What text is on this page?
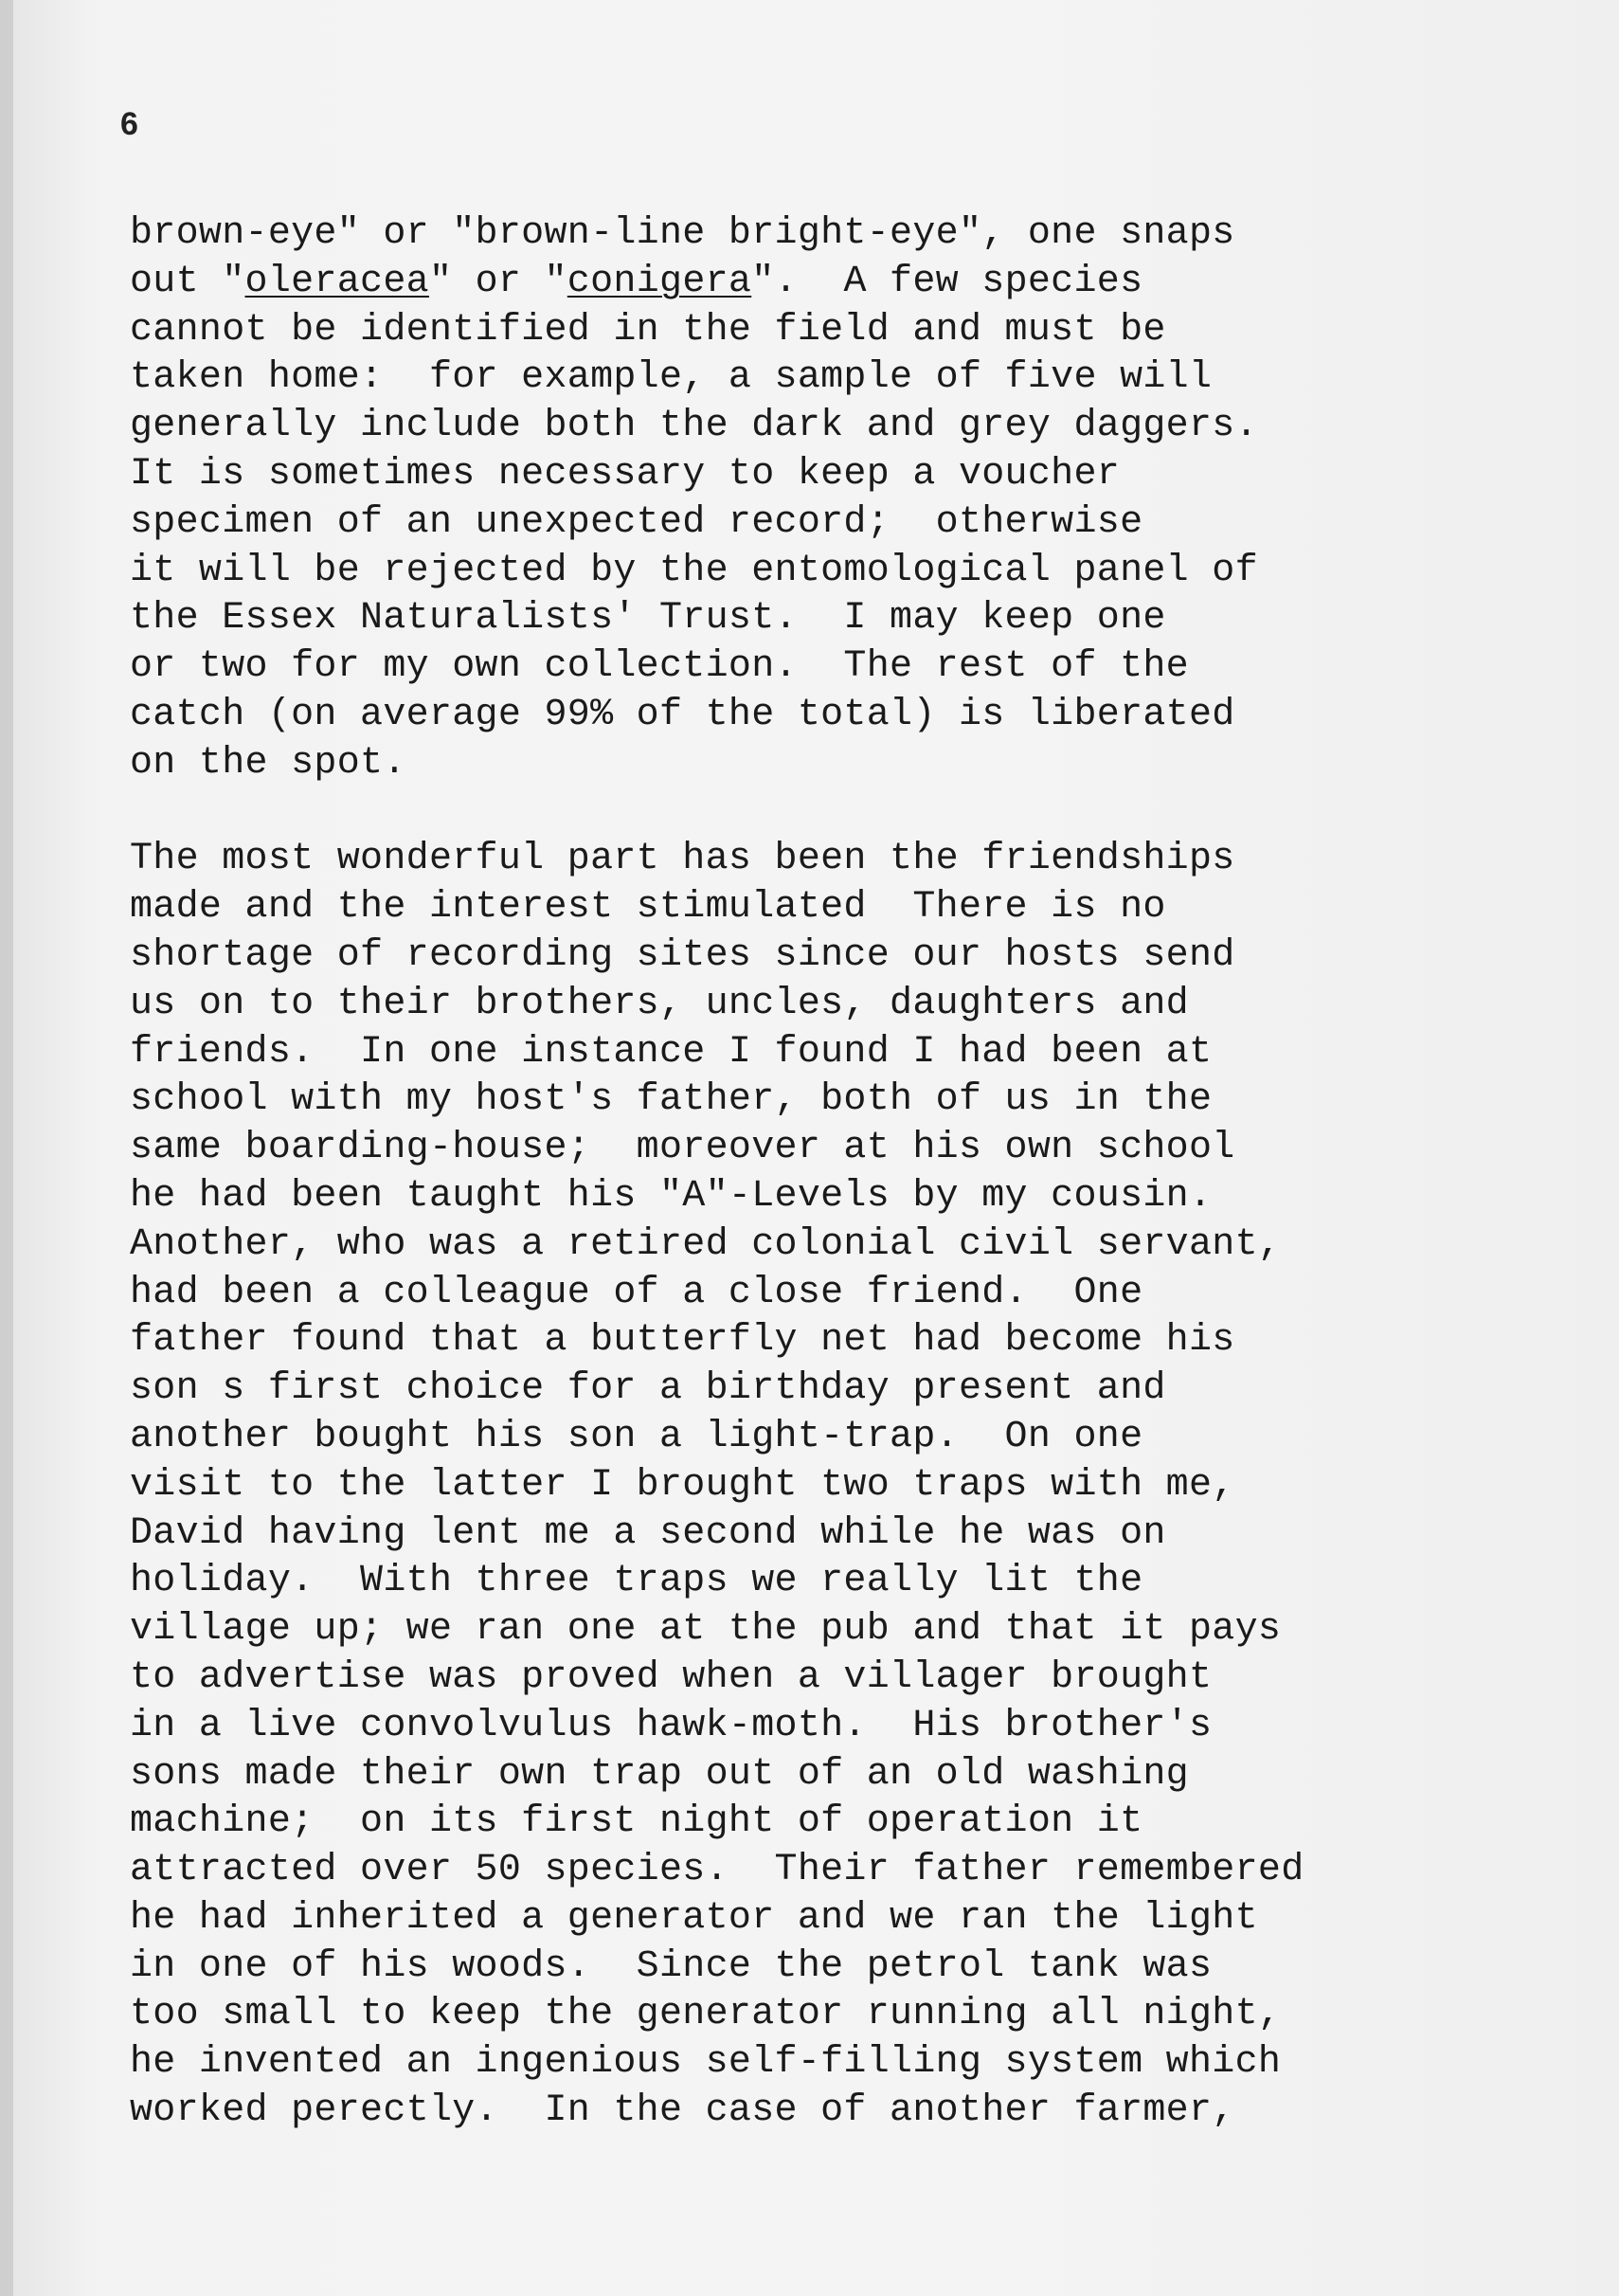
6
brown-eye" or "brown-line bright-eye", one snaps
out "oleracea" or "conigera".  A few species
cannot be identified in the field and must be
taken home:  for example, a sample of five will
generally include both the dark and grey daggers.
It is sometimes necessary to keep a voucher
specimen of an unexpected record;  otherwise
it will be rejected by the entomological panel of
the Essex Naturalists' Trust.  I may keep one
or two for my own collection.  The rest of the
catch (on average 99% of the total) is liberated
on the spot.
The most wonderful part has been the friendships
made and the interest stimulated  There is no
shortage of recording sites since our hosts send
us on to their brothers, uncles, daughters and
friends.  In one instance I found I had been at
school with my host's father, both of us in the
same boarding-house;  moreover at his own school
he had been taught his "A"-Levels by my cousin.
Another, who was a retired colonial civil servant,
had been a colleague of a close friend.  One
father found that a butterfly net had become his
son s first choice for a birthday present and
another bought his son a light-trap.  On one
visit to the latter I brought two traps with me,
David having lent me a second while he was on
holiday.  With three traps we really lit the
village up; we ran one at the pub and that it pays
to advertise was proved when a villager brought
in a live convolvulus hawk-moth.  His brother's
sons made their own trap out of an old washing
machine;  on its first night of operation it
attracted over 50 species.  Their father remembered
he had inherited a generator and we ran the light
in one of his woods.  Since the petrol tank was
too small to keep the generator running all night,
he invented an ingenious self-filling system which
worked perectly.  In the case of another farmer,
